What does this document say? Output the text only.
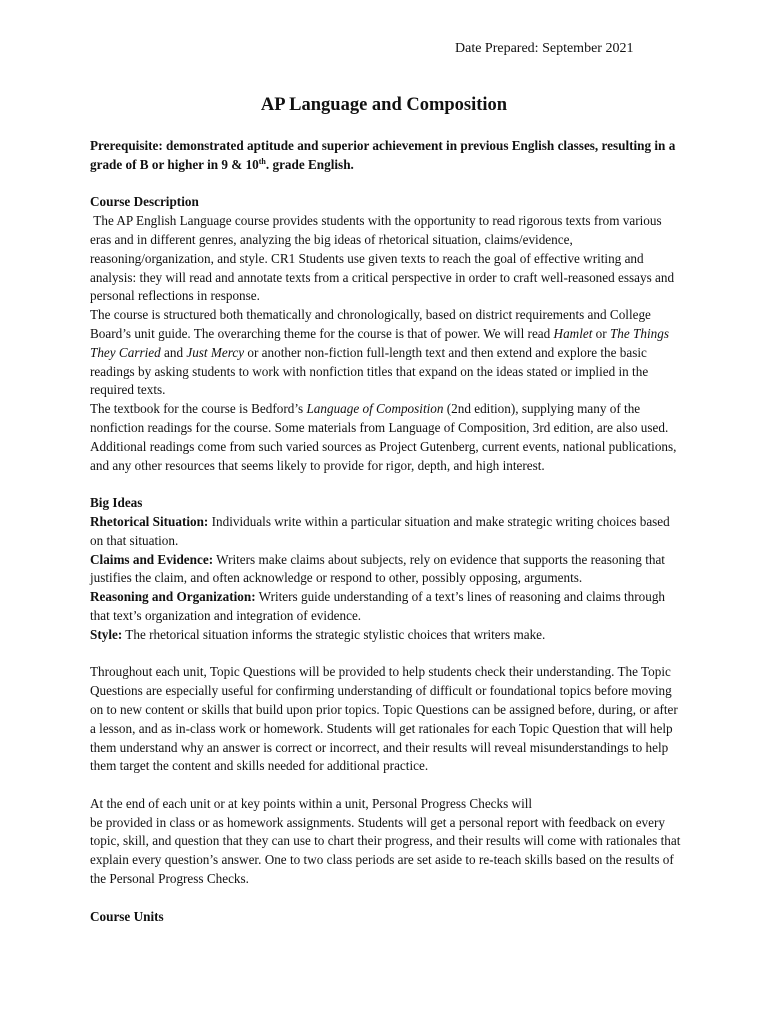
Date Prepared: September 2021
AP Language and Composition

Prerequisite: demonstrated aptitude and superior achievement in previous English classes, resulting in a grade of B or higher in 9 & 10th. grade English.

Course Description

The AP English Language course provides students with the opportunity to read rigorous texts from various eras and in different genres, analyzing the big ideas of rhetorical situation, claims/evidence, reasoning/organization, and style. CR1 Students use given texts to reach the goal of effective writing and analysis: they will read and annotate texts from a critical perspective in order to craft well-reasoned essays and personal reflections in response.

The course is structured both thematically and chronologically, based on district requirements and College Board’s unit guide. The overarching theme for the course is that of power. We will read Hamlet or The Things They Carried and Just Mercy or another non-fiction full-length text and then extend and explore the basic readings by asking students to work with nonfiction titles that expand on the ideas stated or implied in the required texts.

The textbook for the course is Bedford’s Language of Composition (2nd edition), supplying many of the nonfiction readings for the course. Some materials from Language of Composition, 3rd edition, are also used. Additional readings come from such varied sources as Project Gutenberg, current events, national publications, and any other resources that seems likely to provide for rigor, depth, and high interest.

Big Ideas

Rhetorical Situation: Individuals write within a particular situation and make strategic writing choices based on that situation.

Claims and Evidence: Writers make claims about subjects, rely on evidence that supports the reasoning that justifies the claim, and often acknowledge or respond to other, possibly opposing, arguments.

Reasoning and Organization: Writers guide understanding of a text’s lines of reasoning and claims through that text’s organization and integration of evidence.

Style: The rhetorical situation informs the strategic stylistic choices that writers make.

Throughout each unit, Topic Questions will be provided to help students check their understanding. The Topic Questions are especially useful for confirming understanding of difficult or foundational topics before moving on to new content or skills that build upon prior topics. Topic Questions can be assigned before, during, or after a lesson, and as in-class work or homework. Students will get rationales for each Topic Question that will help them understand why an answer is correct or incorrect, and their results will reveal misunderstandings to help them target the content and skills needed for additional practice.

At the end of each unit or at key points within a unit, Personal Progress Checks will

be provided in class or as homework assignments. Students will get a personal report with feedback on every topic, skill, and question that they can use to chart their progress, and their results will come with rationales that explain every question’s answer. One to two class periods are set aside to re-teach skills based on the results of the Personal Progress Checks.

Course Units
